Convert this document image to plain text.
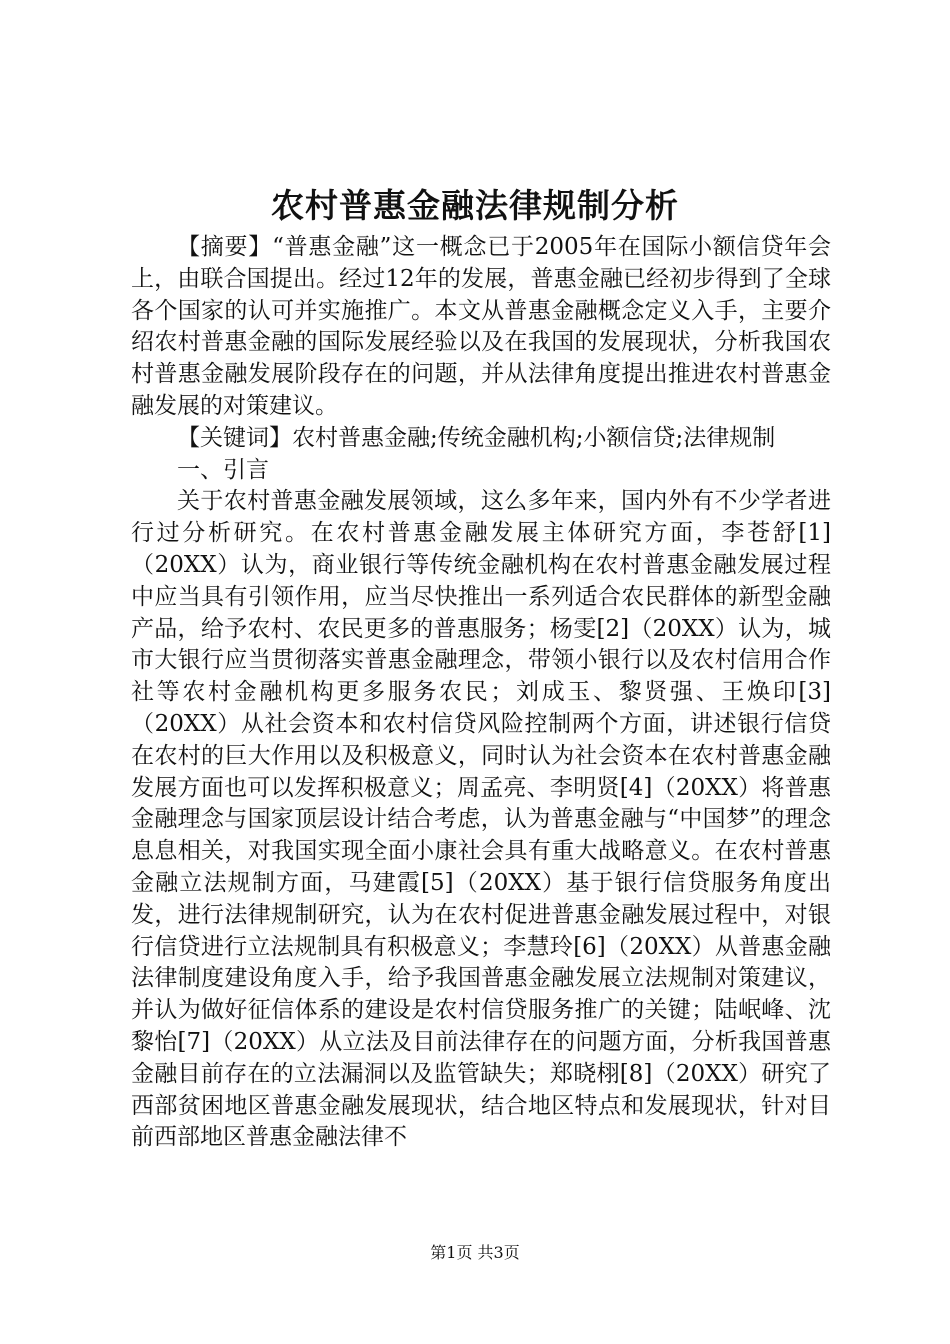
农村普惠金融法律规制分析

【摘要】“普惠金融”这一概念已于2005年在国际小额信贷年会上，由联合国提出。经过12年的发展，普惠金融已经初步得到了全球各个国家的认可并实施推广。本文从普惠金融概念定义入手，主要介绍农村普惠金融的国际发展经验以及在我国的发展现状，分析我国农村普惠金融发展阶段存在的问题，并从法律角度提出推进农村普惠金融发展的对策建议。

【关键词】农村普惠金融;传统金融机构;小额信贷;法律规制

一、引言

关于农村普惠金融发展领域，这么多年来，国内外有不少学者进行过分析研究。在农村普惠金融发展主体研究方面，李苍舒[1]（20XX）认为，商业银行等传统金融机构在农村普惠金融发展过程中应当具有引领作用，应当尽快推出一系列适合农民群体的新型金融产品，给予农村、农民更多的普惠服务；杨雯[2]（20XX）认为，城市大银行应当贯彻落实普惠金融理念，带领小银行以及农村信用合作社等农村金融机构更多服务农民；刘成玉、黎贤强、王焕印[3]（20XX）从社会资本和农村信贷风险控制两个方面，讲述银行信贷在农村的巨大作用以及积极意义，同时认为社会资本在农村普惠金融发展方面也可以发挥积极意义；周孟亮、李明贤[4]（20XX）将普惠金融理念与国家顶层设计结合考虑，认为普惠金融与“中国梦”的理念息息相关，对我国实现全面小康社会具有重大战略意义。在农村普惠金融立法规制方面，马建霞[5]（20XX）基于银行信贷服务角度出发，进行法律规制研究，认为在农村促进普惠金融发展过程中，对银行信贷进行立法规制具有积极意义；李慧玲[6]（20XX）从普惠金融法律制度建设角度入手，给予我国普惠金融发展立法规制对策建议，并认为做好征信体系的建设是农村信贷服务推广的关键；陆岷峰、沈黎怡[7]（20XX）从立法及目前法律存在的问题方面，分析我国普惠金融目前存在的立法漏洞以及监管缺失；郑晓栩[8]（20XX）研究了西部贫困地区普惠金融发展现状，结合地区特点和发展现状，针对目前西部地区普惠金融法律不

第1页 共3页
